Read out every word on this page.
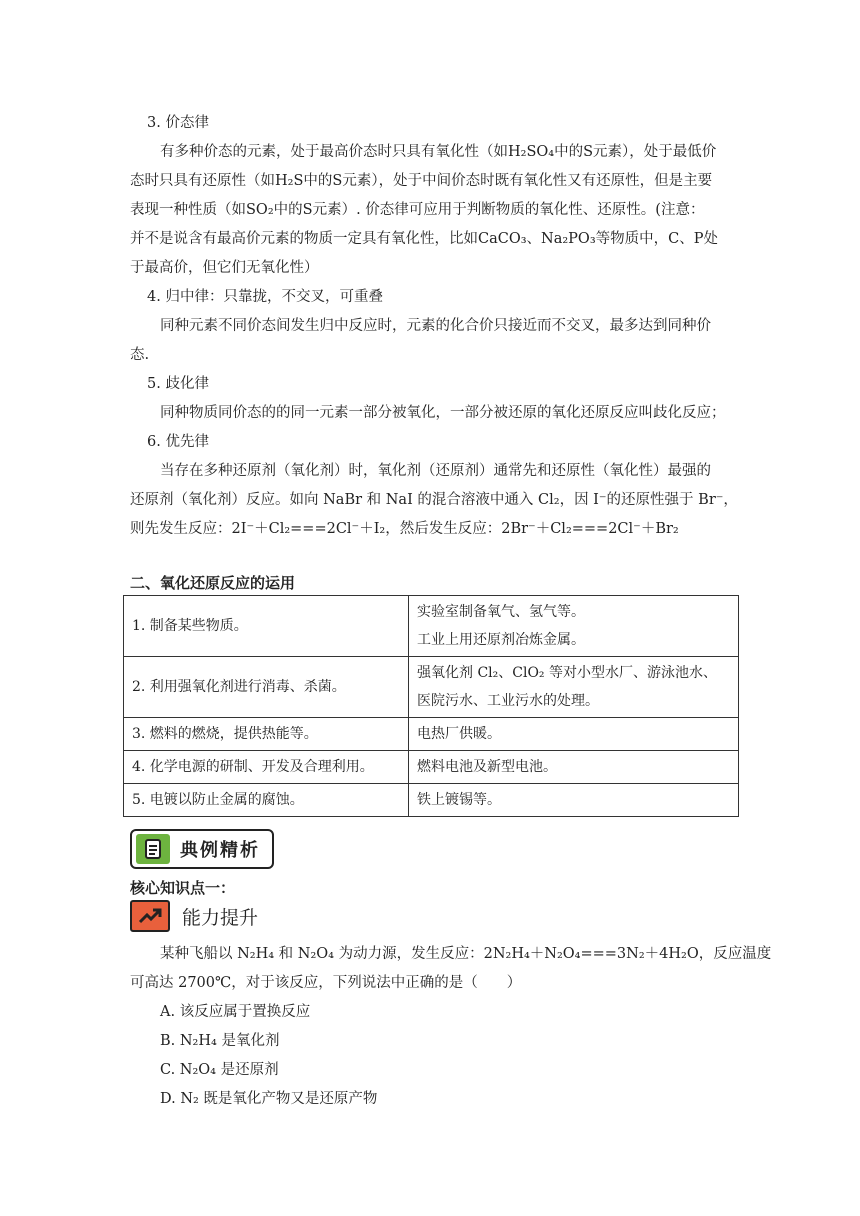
3. 价态律
有多种价态的元素，处于最高价态时只具有氧化性（如H₂SO₄中的S元素），处于最低价
态时只具有还原性（如H₂S中的S元素），处于中间价态时既有氧化性又有还原性，但是主要
表现一种性质（如SO₂中的S元素）. 价态律可应用于判断物质的氧化性、还原性。(注意：
并不是说含有最高价元素的物质一定具有氧化性，比如CaCO₃、Na₂PO₃等物质中，C、P处
于最高价，但它们无氧化性）
4. 归中律：只靠拢，不交叉，可重叠
同种元素不同价态间发生归中反应时，元素的化合价只接近而不交叉，最多达到同种价
态.
5. 歧化律
同种物质同价态的的同一元素一部分被氧化，一部分被还原的氧化还原反应叫歧化反应；
6. 优先律
当存在多种还原剂（氧化剂）时，氧化剂（还原剂）通常先和还原性（氧化性）最强的
还原剂（氧化剂）反应。如向 NaBr 和 NaI 的混合溶液中通入 Cl₂，因 I⁻的还原性强于 Br⁻，
则先发生反应：2I⁻＋Cl₂===2Cl⁻＋I₂，然后发生反应：2Br⁻＋Cl₂===2Cl⁻＋Br₂
二、氧化还原反应的运用
1. 制备某些物质。	实验室制备氧气、氢气等。
工业上用还原剂冶炼金属。

2. 利用强氧化剂进行消毒、杀菌。	强氧化剂 Cl₂、ClO₂ 等对小型水厂、游泳池水、
医院污水、工业污水的处理。

3. 燃料的燃烧，提供热能等。	电热厂供暖。
4. 化学电源的研制、开发及合理利用。	燃料电池及新型电池。
5. 电镀以防止金属的腐蚀。	铁上镀锡等。
典例精析
核心知识点一：
能力提升
某种飞船以 N₂H₄ 和 N₂O₄ 为动力源，发生反应：2N₂H₄＋N₂O₄===3N₂＋4H₂O，反应温度
可高达 2700℃，对于该反应，下列说法中正确的是（　　）
A. 该反应属于置换反应
B. N₂H₄ 是氧化剂
C. N₂O₄ 是还原剂
D. N₂ 既是氧化产物又是还原产物
